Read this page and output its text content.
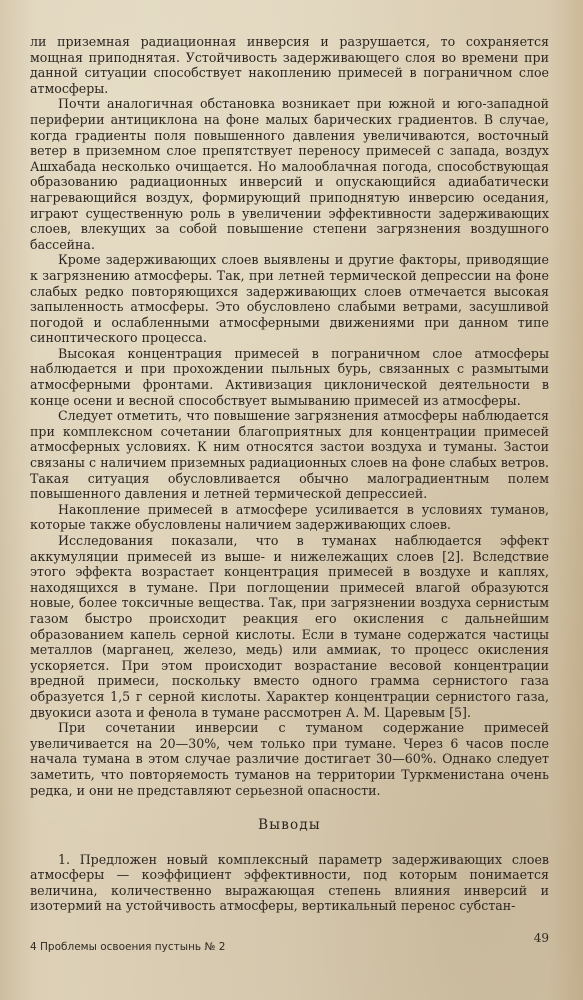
ли приземная радиационная инверсия и разрушается, то сохраняется мощная приподнятая. Устойчивость задерживающего слоя во времени при данной ситуации способствует накоплению примесей в пограничном слое атмосферы.

Почти аналогичная обстановка возникает при южной и юго-западной периферии антициклона на фоне малых барических градиентов. В случае, когда градиенты поля повышенного давления увеличиваются, восточный ветер в приземном слое препятствует переносу примесей с запада, воздух Ашхабада несколько очищается. Но малооблачная погода, способствующая образованию радиационных инверсий и опускающийся адиабатически нагревающийся воздух, формирующий приподнятую инверсию оседания, играют существенную роль в увеличении эффективности задерживающих слоев, влекущих за собой повышение степени загрязнения воздушного бассейна.

Кроме задерживающих слоев выявлены и другие факторы, приводящие к загрязнению атмосферы. Так, при летней термической депрессии на фоне слабых редко повторяющихся задерживающих слоев отмечается высокая запыленность атмосферы. Это обусловлено слабыми ветрами, засушливой погодой и ослабленными атмосферными движениями при данном типе синоптического процесса.

Высокая концентрация примесей в пограничном слое атмосферы наблюдается и при прохождении пыльных бурь, связанных с размытыми атмосферными фронтами. Активизация циклонической деятельности в конце осени и весной способствует вымыванию примесей из атмосферы.

Следует отметить, что повышение загрязнения атмосферы наблюдается при комплексном сочетании благоприятных для концентрации примесей атмосферных условиях. К ним относятся застои воздуха и туманы. Застои связаны с наличием приземных радиационных слоев на фоне слабых ветров. Такая ситуация обусловливается обычно малоградиентным полем повышенного давления и летней термической депрессией.

Накопление примесей в атмосфере усиливается в условиях туманов, которые также обусловлены наличием задерживающих слоев.

Исследования показали, что в туманах наблюдается эффект аккумуляции примесей из выше- и нижележащих слоев [2]. Вследствие этого эффекта возрастает концентрация примесей в воздухе и каплях, находящихся в тумане. При поглощении примесей влагой образуются новые, более токсичные вещества. Так, при загрязнении воздуха сернистым газом быстро происходит реакция его окисления с дальнейшим образованием капель серной кислоты. Если в тумане содержатся частицы металлов (марганец, железо, медь) или аммиак, то процесс окисления ускоряется. При этом происходит возрастание весовой концентрации вредной примеси, поскольку вместо одного грамма сернистого газа образуется 1,5 г серной кислоты. Характер концентрации сернистого газа, двуокиси азота и фенола в тумане рассмотрен А. М. Царевым [5].

При сочетании инверсии с туманом содержание примесей увеличивается на 20—30%, чем только при тумане. Через 6 часов после начала тумана в этом случае различие достигает 30—60%. Однако следует заметить, что повторяемость туманов на территории Туркменистана очень редка, и они не представляют серьезной опасности.

Выводы

1. Предложен новый комплексный параметр задерживающих слоев атмосферы — коэффициент эффективности, под которым понимается величина, количественно выражающая степень влияния инверсий и изотермий на устойчивость атмосферы, вертикальный перенос субстан-

4 Проблемы освоения пустынь № 2
49
